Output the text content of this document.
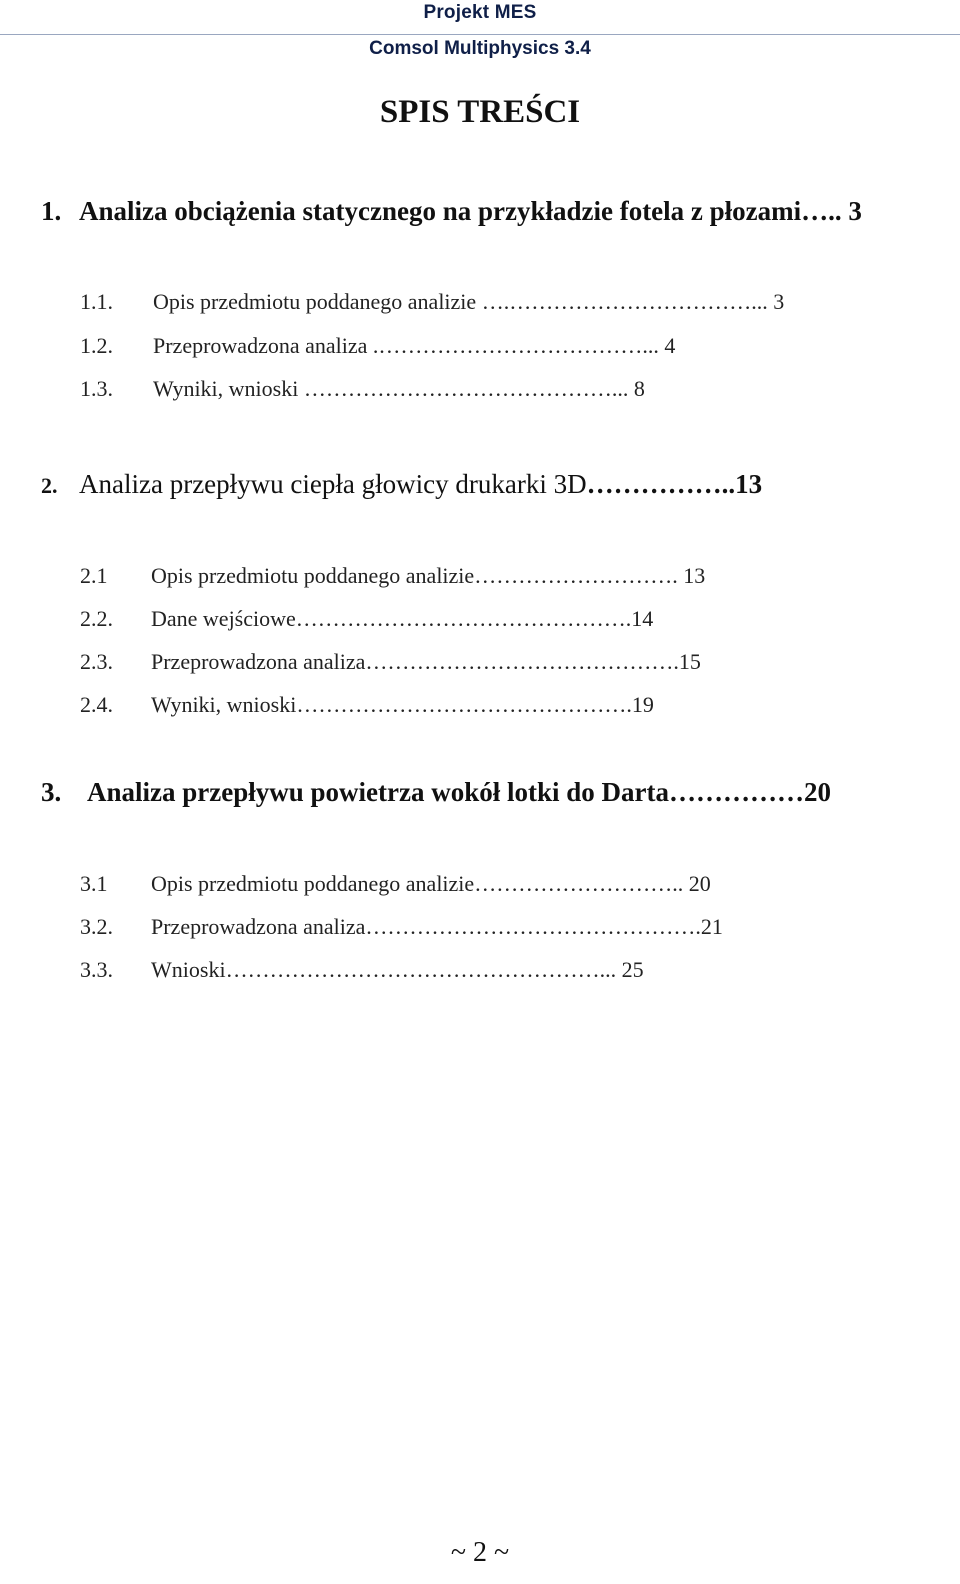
Projekt MES
Comsol Multiphysics 3.4
SPIS TREŚCI
1. Analiza obciążenia statycznego na przykładzie fotela z płozami….. 3
1.1. Opis przedmiotu poddanego analizie ….……………………………... 3
1.2. Przeprowadzona analiza .………………………………... 4
1.3. Wyniki, wnioski ……………………………………... 8
2. Analiza przepływu ciepła głowicy drukarki 3D……………..13
2.1 Opis przedmiotu poddanego analizie………………………. 13
2.2. Dane wejściowe……………………………………….14
2.3. Przeprowadzona analiza…………………………………….15
2.4. Wyniki, wnioski……………………………………….19
3. Analiza przepływu powietrza wokół lotki do Darta……………20
3.1 Opis przedmiotu poddanego analizie……………………….. 20
3.2. Przeprowadzona analiza……………………………………….21
3.3. Wnioski……………………………………………... 25
~ 2 ~
